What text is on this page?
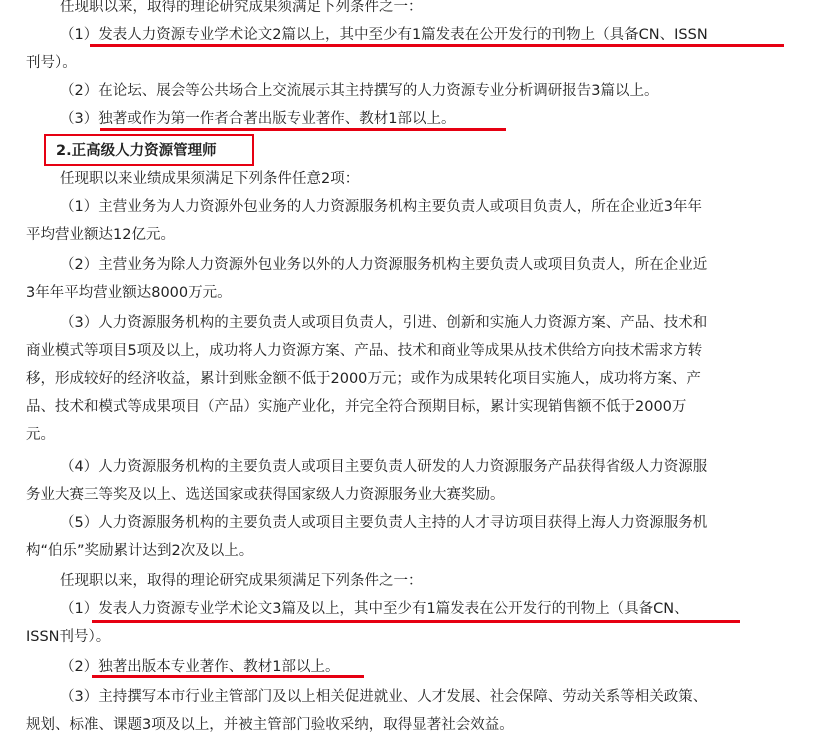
任现职以来，取得的理论研究成果须满足下列条件之一：
（1）发表人力资源专业学术论文2篇以上，其中至少有1篇发表在公开发行的刊物上（具备CN、ISSN
刊号）。
（2）在论坛、展会等公共场合上交流展示其主持撰写的人力资源专业分析调研报告3篇以上。
（3）独著或作为第一作者合著出版专业著作、教材1部以上。
2.正高级人力资源管理师
任现职以来业绩成果须满足下列条件任意2项：
（1）主营业务为人力资源外包业务的人力资源服务机构主要负责人或项目负责人，所在企业近3年年
平均营业额达12亿元。
（2）主营业务为除人力资源外包业务以外的人力资源服务机构主要负责人或项目负责人，所在企业近
3年年平均营业额达8000万元。
（3）人力资源服务机构的主要负责人或项目负责人，引进、创新和实施人力资源方案、产品、技术和
商业模式等项目5项及以上，成功将人力资源方案、产品、技术和商业等成果从技术供给方向技术需求方转
移，形成较好的经济收益，累计到账金额不低于2000万元；或作为成果转化项目实施人，成功将方案、产
品、技术和模式等成果项目（产品）实施产业化，并完全符合预期目标，累计实现销售额不低于2000万
元。
（4）人力资源服务机构的主要负责人或项目主要负责人研发的人力资源服务产品获得省级人力资源服
务业大赛三等奖及以上、选送国家或获得国家级人力资源服务业大赛奖励。
（5）人力资源服务机构的主要负责人或项目主要负责人主持的人才寻访项目获得上海人力资源服务机
构“伯乐”奖励累计达到2次及以上。
任现职以来，取得的理论研究成果须满足下列条件之一：
（1）发表人力资源专业学术论文3篇及以上，其中至少有1篇发表在公开发行的刊物上（具备CN、
ISSN刊号）。
（2）独著出版本专业著作、教材1部以上。
（3）主持撰写本市行业主管部门及以上相关促进就业、人才发展、社会保障、劳动关系等相关政策、
规划、标准、课题3项及以上，并被主管部门验收采纳，取得显著社会效益。
